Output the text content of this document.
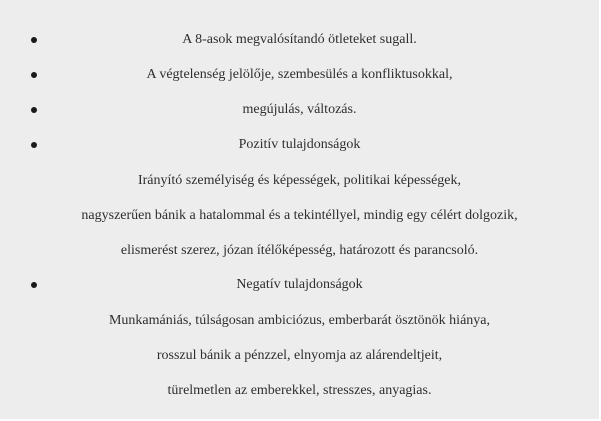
A 8-asok megvalósítandó ötleteket sugall.
A végtelenség jelölője, szembesülés a konfliktusokkal,
megújulás, változás.
Pozitív tulajdonságok
Irányító személyiség és képességek, politikai képességek,
nagyszerűen bánik a hatalommal és a tekintéllyel, mindig egy célért dolgozik,
elismerést szerez, józan ítélőképesség, határozott és parancsoló.
Negatív tulajdonságok
Munkamániás, túlságosan ambiciózus, emberbarát ösztönök hiánya,
rosszul bánik a pénzzel, elnyomja az alárendeltjeit,
türelmetlen az emberekkel, stresszes, anyagias.
